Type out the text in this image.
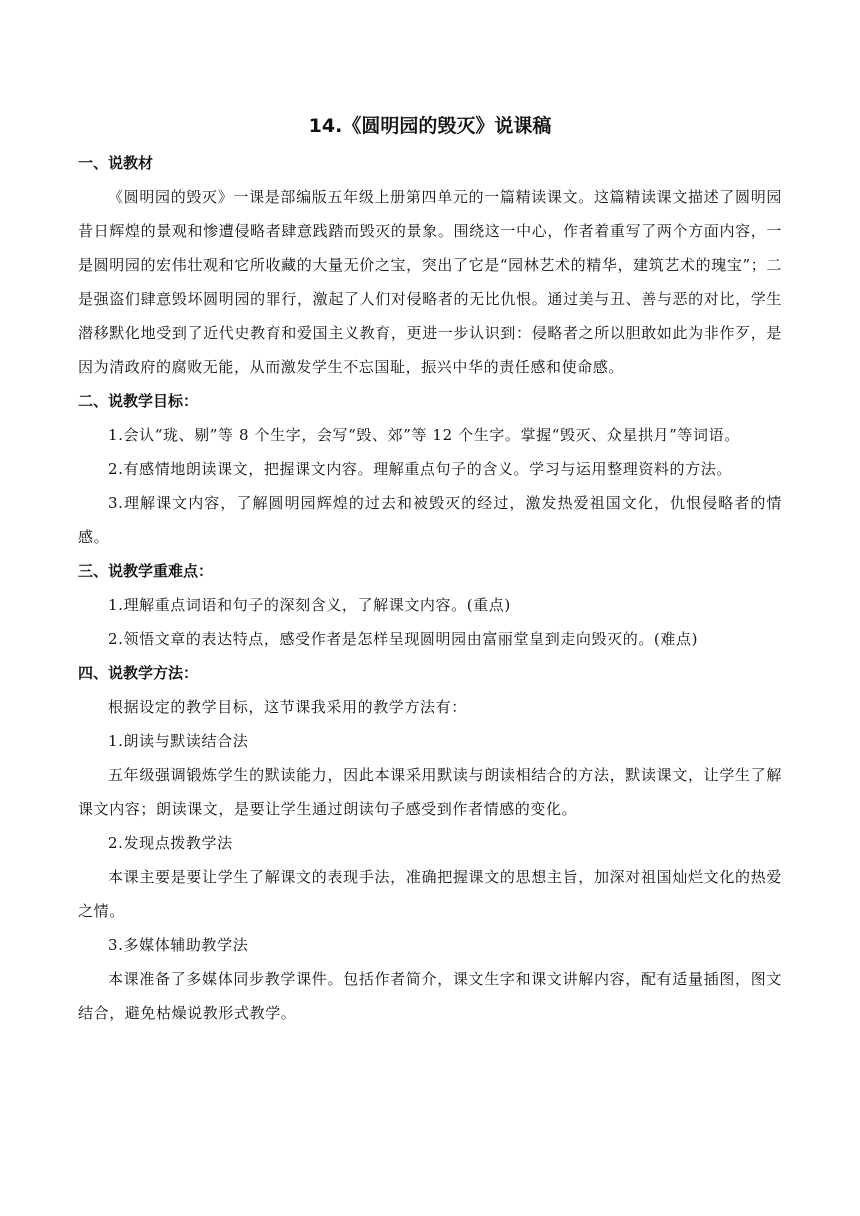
14.《圆明园的毁灭》说课稿
一、说教材

《圆明园的毁灭》一课是部编版五年级上册第四单元的一篇精读课文。这篇精读课文描述了圆明园昔日辉煌的景观和惨遭侵略者肆意践踏而毁灭的景象。围绕这一中心，作者着重写了两个方面内容，一是圆明园的宏伟壮观和它所收藏的大量无价之宝，突出了它是“园林艺术的精华，建筑艺术的瑰宝”；二是强盗们肆意毁坏圆明园的罪行，激起了人们对侵略者的无比仇恨。通过美与丑、善与恶的对比，学生潜移默化地受到了近代史教育和爱国主义教育，更进一步认识到：侵略者之所以胆敢如此为非作歹，是因为清政府的腐败无能，从而激发学生不忘国耻，振兴中华的责任感和使命感。

二、说教学目标：

1.会认“珑、剔”等 8 个生字，会写“毁、郊”等 12 个生字。掌握“毁灭、众星拱月”等词语。

2.有感情地朗读课文，把握课文内容。理解重点句子的含义。学习与运用整理资料的方法。

3.理解课文内容，了解圆明园辉煌的过去和被毁灭的经过，激发热爱祖国文化，仇恨侵略者的情感。

三、说教学重难点：

1.理解重点词语和句子的深刻含义，了解课文内容。(重点)

2.领悟文章的表达特点，感受作者是怎样呈现圆明园由富丽堂皇到走向毁灭的。(难点)

四、说教学方法：

根据设定的教学目标，这节课我采用的教学方法有：

1.朗读与默读结合法

五年级强调锻炼学生的默读能力，因此本课采用默读与朗读相结合的方法，默读课文，让学生了解课文内容；朗读课文，是要让学生通过朗读句子感受到作者情感的变化。

2.发现点拨教学法

本课主要是要让学生了解课文的表现手法，准确把握课文的思想主旨，加深对祖国灿烂文化的热爱之情。

3.多媒体辅助教学法

本课准备了多媒体同步教学课件。包括作者简介，课文生字和课文讲解内容，配有适量插图，图文结合，避免枯燥说教形式教学。
